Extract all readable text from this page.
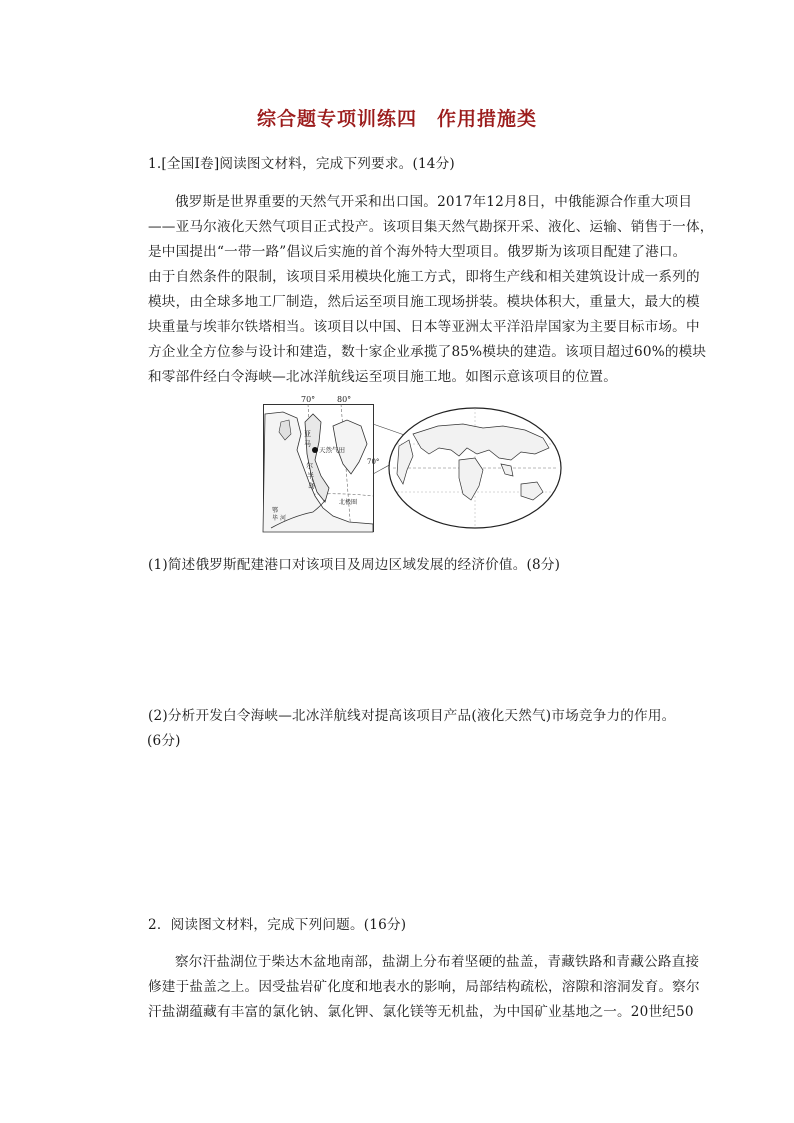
综合题专项训练四　作用措施类
1.[全国Ⅰ卷]阅读图文材料，完成下列要求。(14分)
俄罗斯是世界重要的天然气开采和出口国。2017年12月8日，中俄能源合作重大项目
——亚马尔液化天然气项目正式投产。该项目集天然气勘探开采、液化、运输、销售于一体，
是中国提出“一带一路”倡议后实施的首个海外特大型项目。俄罗斯为该项目配建了港口。
由于自然条件的限制，该项目采用模块化施工方式，即将生产线和相关建筑设计成一系列的
模块，由全球多地工厂制造，然后运至项目施工现场拼装。模块体积大，重量大，最大的模
块重量与埃菲尔铁塔相当。该项目以中国、日本等亚洲太平洋沿岸国家为主要目标市场。中
方企业全方位参与设计和建造，数十家企业承揽了85%模块的建造。该项目超过60%的模块
和零部件经白令海峡—北冰洋航线运至项目施工地。如图示意该项目的位置。
70°	80°
天然气田
亚
马
尔
半
岛
鄂
毕 河
北极圈
70°
(1)简述俄罗斯配建港口对该项目及周边区域发展的经济价值。(8分)
(2)分析开发白令海峡—北冰洋航线对提高该项目产品(液化天然气)市场竞争力的作用。
(6分)
2．阅读图文材料，完成下列问题。(16分)
察尔汗盐湖位于柴达木盆地南部，盐湖上分布着坚硬的盐盖，青藏铁路和青藏公路直接
修建于盐盖之上。因受盐岩矿化度和地表水的影响，局部结构疏松，溶隙和溶洞发育。察尔
汗盐湖蕴藏有丰富的氯化钠、氯化钾、氯化镁等无机盐，为中国矿业基地之一。20世纪50
